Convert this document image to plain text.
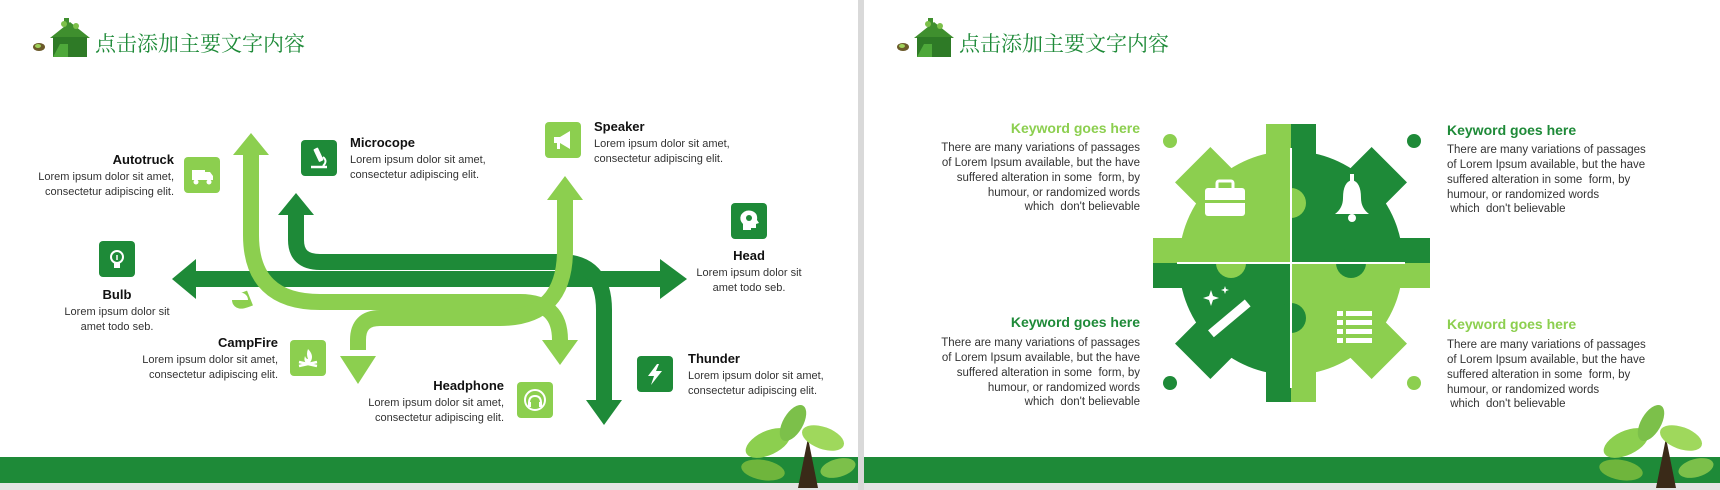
点击添加主要文字内容
Autotruck
Lorem ipsum dolor sit amet,
consectetur adipiscing elit.
Microcope
Lorem ipsum dolor sit amet,
consectetur adipiscing elit.
Speaker
Lorem ipsum dolor sit amet,
consectetur adipiscing elit.
Head
Lorem ipsum dolor sit
amet todo seb.
Bulb
Lorem ipsum dolor sit
amet todo seb.
CampFire
Lorem ipsum dolor sit amet,
consectetur adipiscing elit.
Headphone
Lorem ipsum dolor sit amet,
consectetur adipiscing elit.
Thunder
Lorem ipsum dolor sit amet,
consectetur adipiscing elit.
点击添加主要文字内容
Keyword goes here
There are many variations of passages
of Lorem Ipsum available, but the have
suffered alteration in some  form, by
humour, or randomized words
which  don't believable
Keyword goes here
There are many variations of passages
of Lorem Ipsum available, but the have
suffered alteration in some  form, by
humour, or randomized words
which  don't believable
Keyword goes here
There are many variations of passages
of Lorem Ipsum available, but the have
suffered alteration in some  form, by
humour, or randomized words
which  don't believable
Keyword goes here
There are many variations of passages
of Lorem Ipsum available, but the have
suffered alteration in some  form, by
humour, or randomized words
which  don't believable
